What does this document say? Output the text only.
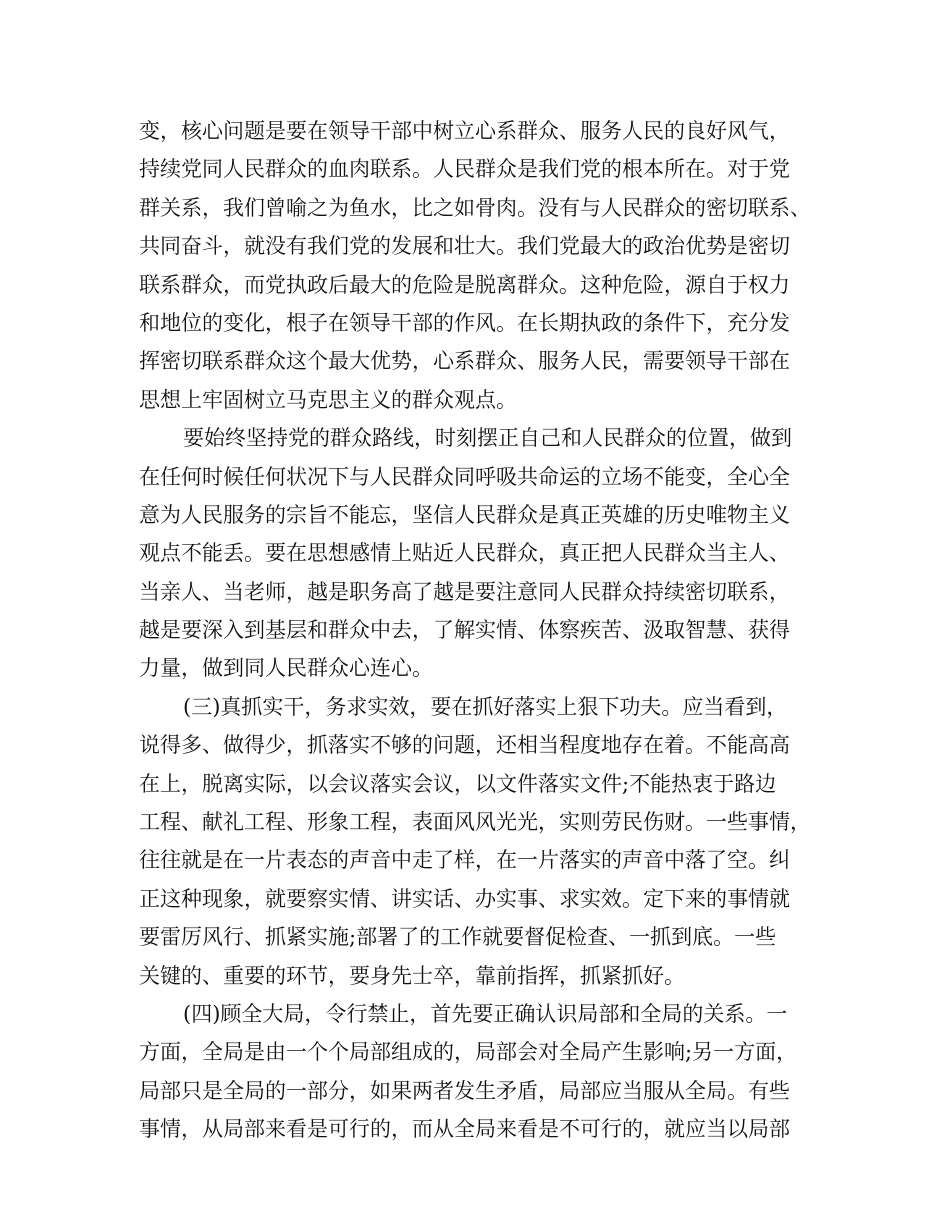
变，核心问题是要在领导干部中树立心系群众、服务人民的良好风气，
持续党同人民群众的血肉联系。人民群众是我们党的根本所在。对于党
群关系，我们曾喻之为鱼水，比之如骨肉。没有与人民群众的密切联系、
共同奋斗，就没有我们党的发展和壮大。我们党最大的政治优势是密切
联系群众，而党执政后最大的危险是脱离群众。这种危险，源自于权力
和地位的变化，根子在领导干部的作风。在长期执政的条件下，充分发
挥密切联系群众这个最大优势，心系群众、服务人民，需要领导干部在
思想上牢固树立马克思主义的群众观点。
要始终坚持党的群众路线，时刻摆正自己和人民群众的位置，做到
在任何时候任何状况下与人民群众同呼吸共命运的立场不能变，全心全
意为人民服务的宗旨不能忘，坚信人民群众是真正英雄的历史唯物主义
观点不能丢。要在思想感情上贴近人民群众，真正把人民群众当主人、
当亲人、当老师，越是职务高了越是要注意同人民群众持续密切联系，
越是要深入到基层和群众中去，了解实情、体察疾苦、汲取智慧、获得
力量，做到同人民群众心连心。
(三)真抓实干，务求实效，要在抓好落实上狠下功夫。应当看到，
说得多、做得少，抓落实不够的问题，还相当程度地存在着。不能高高
在上，脱离实际，以会议落实会议，以文件落实文件;不能热衷于路边
工程、献礼工程、形象工程，表面风风光光，实则劳民伤财。一些事情，
往往就是在一片表态的声音中走了样，在一片落实的声音中落了空。纠
正这种现象，就要察实情、讲实话、办实事、求实效。定下来的事情就
要雷厉风行、抓紧实施;部署了的工作就要督促检查、一抓到底。一些
关键的、重要的环节，要身先士卒，靠前指挥，抓紧抓好。
(四)顾全大局，令行禁止，首先要正确认识局部和全局的关系。一
方面，全局是由一个个局部组成的，局部会对全局产生影响;另一方面，
局部只是全局的一部分，如果两者发生矛盾，局部应当服从全局。有些
事情，从局部来看是可行的，而从全局来看是不可行的，就应当以局部
